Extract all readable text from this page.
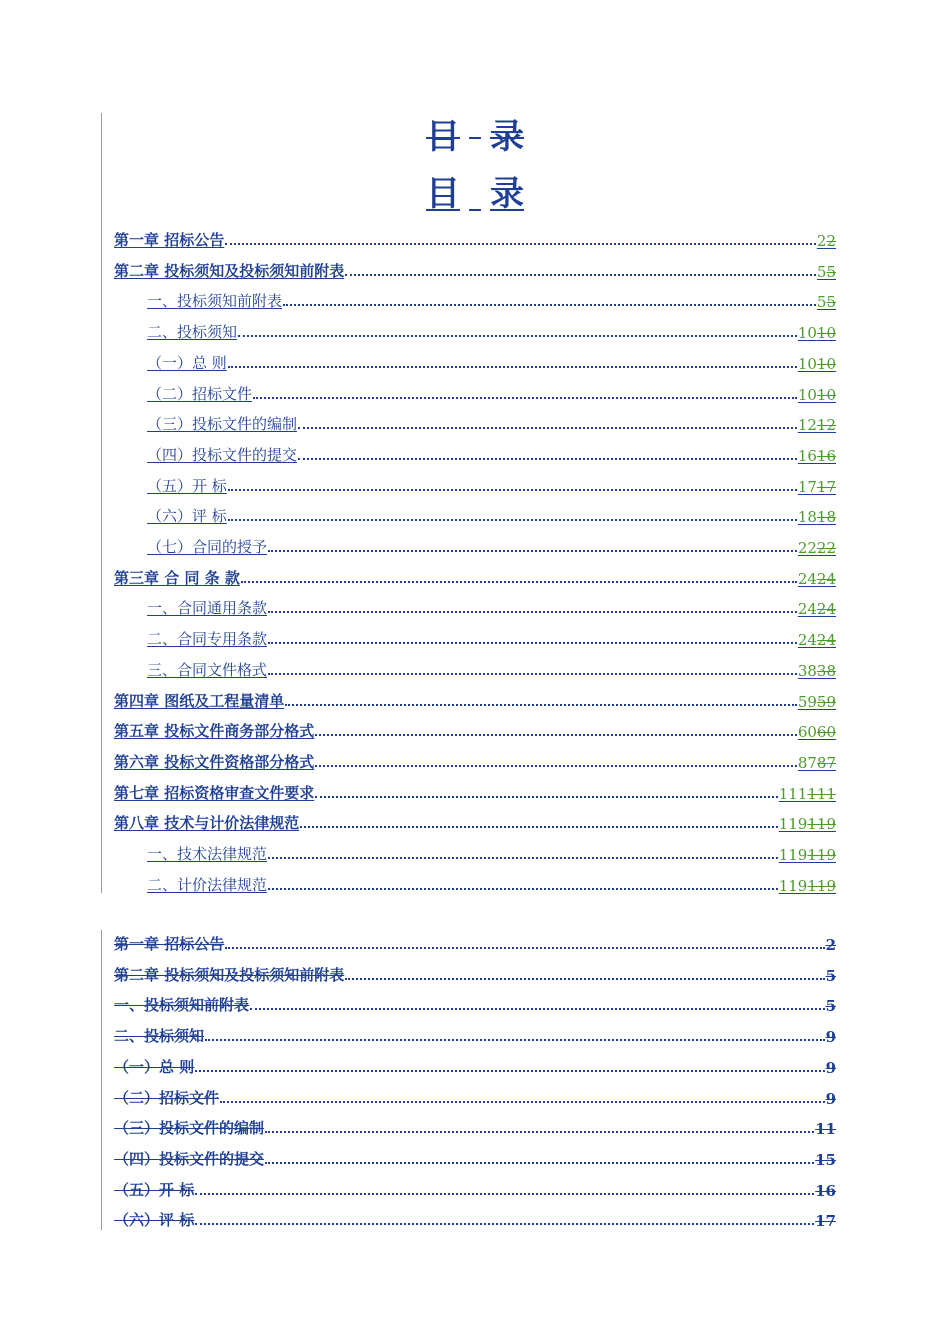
目 录
目 录
第一章 招标公告	22
第二章 投标须知及投标须知前附表	55
一、投标须知前附表	55
二、投标须知	1010
（一）总 则	1010
（二）招标文件	1010
（三）投标文件的编制	1212
（四）投标文件的提交	1616
（五）开 标	1717
（六）评 标	1818
（七）合同的授予	2222
第三章 合 同 条 款	2424
一、合同通用条款	2424
二、合同专用条款	2424
三、合同文件格式	3838
第四章 图纸及工程量清单	5959
第五章 投标文件商务部分格式	6060
第六章 投标文件资格部分格式	8787
第七章 招标资格审查文件要求	111111
第八章 技术与计价法律规范	119119
一、技术法律规范	119119
二、计价法律规范	119119
第一章 招标公告	2
第二章 投标须知及投标须知前附表	5
一、投标须知前附表	5
二、投标须知	9
（一）总 则	9
（二）招标文件	9
（三）投标文件的编制	11
（四）投标文件的提交	15
（五）开 标	16
（六）评 标	17
